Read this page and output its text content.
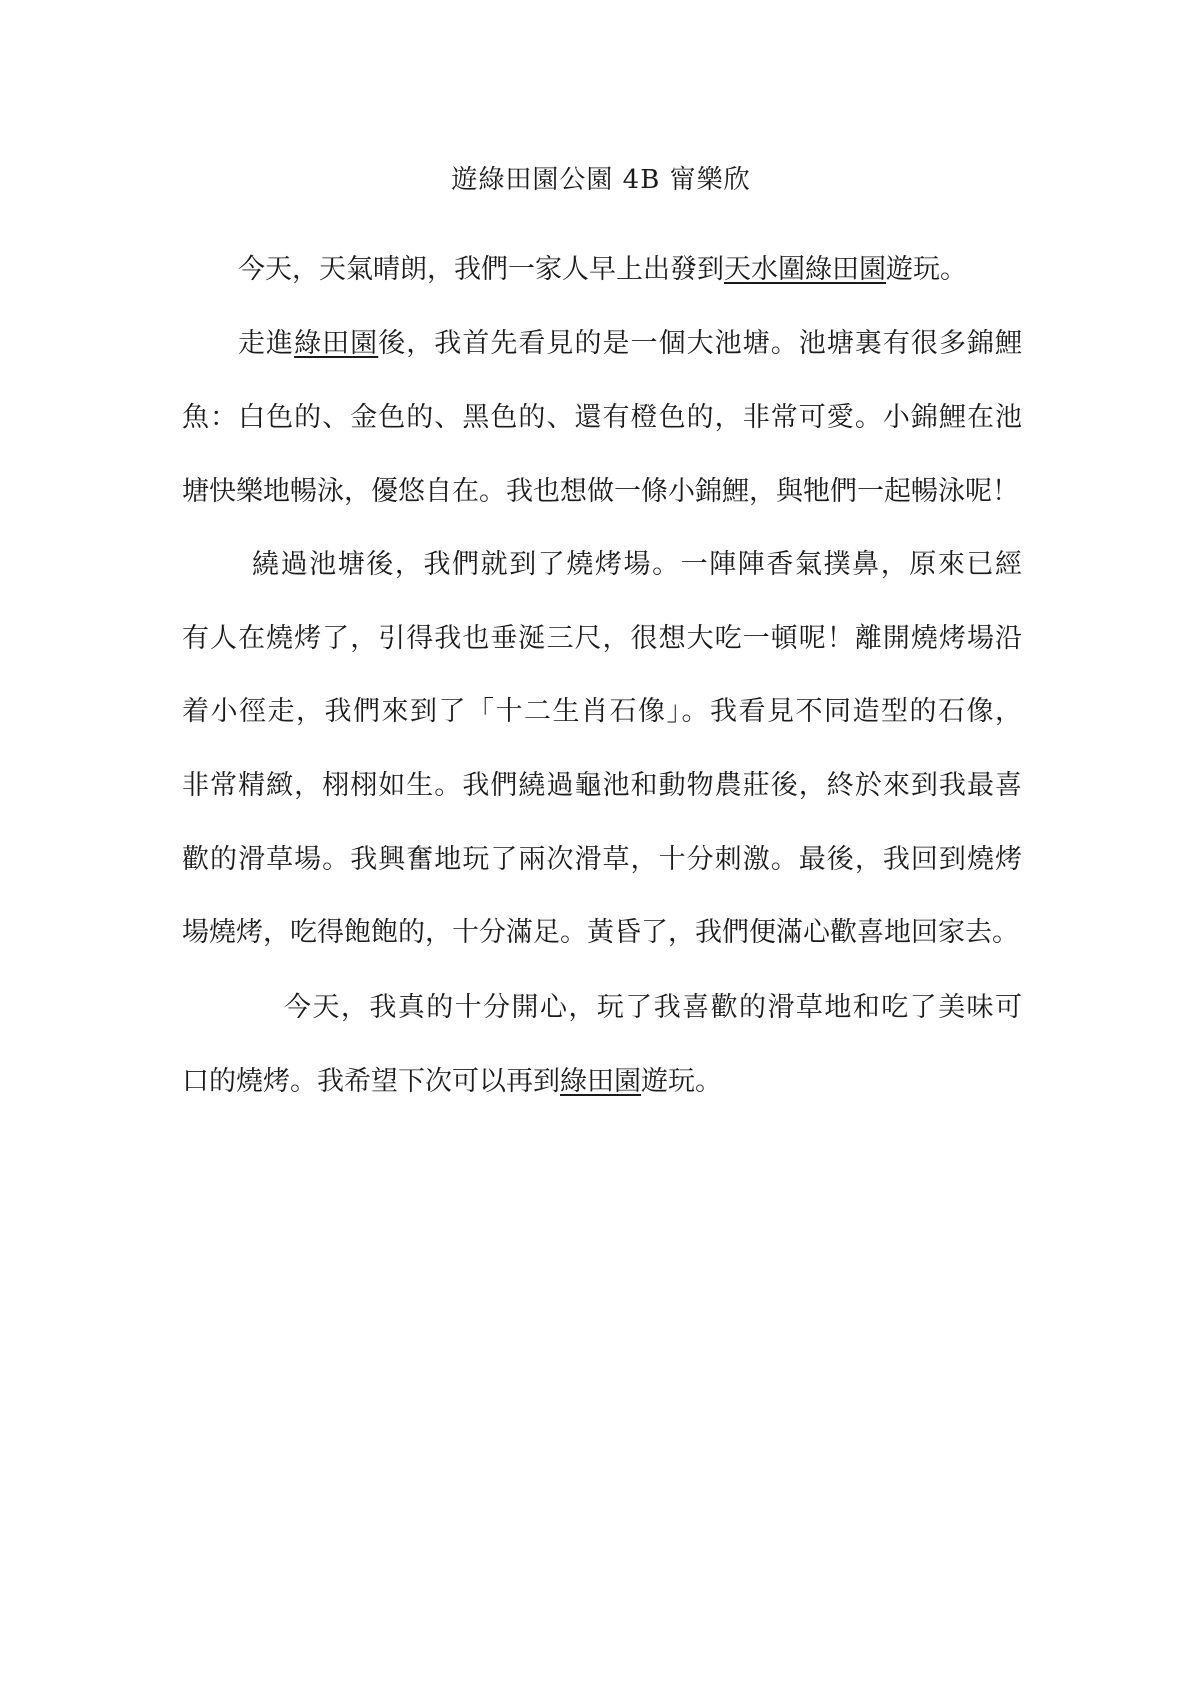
遊綠田園公園 4B 甯樂欣
今天，天氣晴朗，我們一家人早上出發到天水圍綠田園遊玩。
走進綠田園後，我首先看見的是一個大池塘。池塘裏有很多錦鯉
魚：白色的、金色的、黑色的、還有橙色的，非常可愛。小錦鯉在池
塘快樂地暢泳，優悠自在。我也想做一條小錦鯉，與牠們一起暢泳呢！
繞過池塘後，我們就到了燒烤場。一陣陣香氣撲鼻，原來已經
有人在燒烤了，引得我也垂涎三尺，很想大吃一頓呢！離開燒烤場沿
着小徑走，我們來到了「十二生肖石像」。我看見不同造型的石像，
非常精緻，栩栩如生。我們繞過龜池和動物農莊後，終於來到我最喜
歡的滑草場。我興奮地玩了兩次滑草，十分刺激。最後，我回到燒烤
場燒烤，吃得飽飽的，十分滿足。黃昏了，我們便滿心歡喜地回家去。
今天，我真的十分開心，玩了我喜歡的滑草地和吃了美味可
口的燒烤。我希望下次可以再到綠田園遊玩。
